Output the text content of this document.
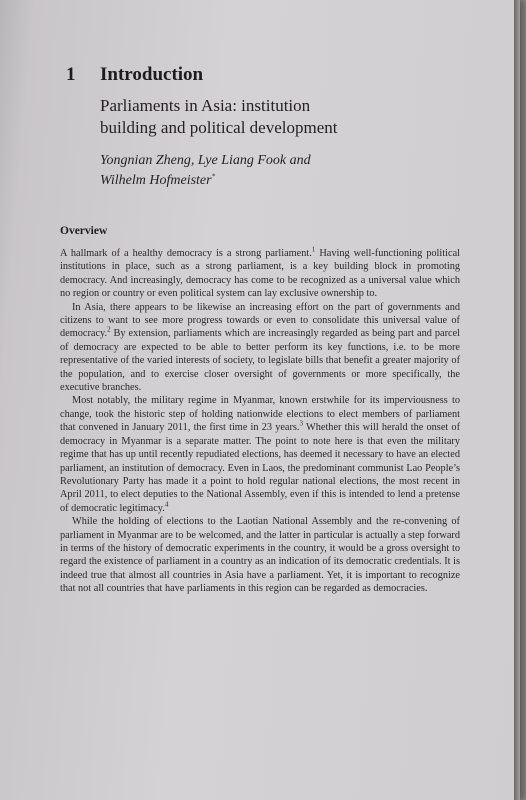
1 Introduction
Parliaments in Asia: institution
building and political development
Yongnian Zheng, Lye Liang Fook and
Wilhelm Hofmeister*
Overview

A hallmark of a healthy democracy is a strong parliament.$^1$ Having well-functioning political institutions in place, such as a strong parliament, is a key building block in promoting democracy. And increasingly, democracy has come to be recognized as a universal value which no region or country or even political system can lay exclusive ownership to.

In Asia, there appears to be likewise an increasing effort on the part of governments and citizens to want to see more progress towards or even to consolidate this universal value of democracy.$^2$ By extension, parliaments which are increasingly regarded as being part and parcel of democracy are expected to be able to better perform its key functions, i.e. to be more representative of the varied interests of society, to legislate bills that benefit a greater majority of the population, and to exercise closer oversight of governments or more specifically, the executive branches.

Most notably, the military regime in Myanmar, known erstwhile for its imperviousness to change, took the historic step of holding nationwide elections to elect members of parliament that convened in January 2011, the first time in 23 years.$^3$ Whether this will herald the onset of democracy in Myanmar is a separate matter. The point to note here is that even the military regime that has up until recently repudiated elections, has deemed it necessary to have an elected parliament, an institution of democracy. Even in Laos, the predominant communist Lao People’s Revolutionary Party has made it a point to hold regular national elections, the most recent in April 2011, to elect deputies to the National Assembly, even if this is intended to lend a pretense of democratic legitimacy.$^4$

While the holding of elections to the Laotian National Assembly and the re-convening of parliament in Myanmar are to be welcomed, and the latter in particular is actually a step forward in terms of the history of democratic experiments in the country, it would be a gross oversight to regard the existence of parliament in a country as an indication of its democratic credentials. It is indeed true that almost all countries in Asia have a parliament. Yet, it is important to recognize that not all countries that have parliaments in this region can be regarded as democracies.
